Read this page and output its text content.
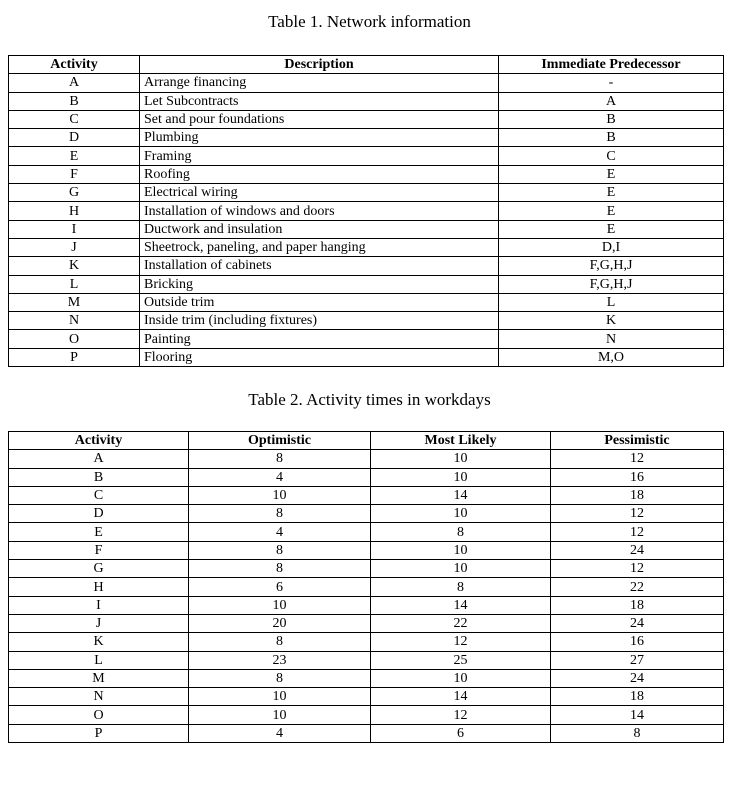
Table 1. Network information
Activity	Description	Immediate Predecessor
A	Arrange financing	-
B	Let Subcontracts	A
C	Set and pour foundations	B
D	Plumbing	B
E	Framing	C
F	Roofing	E
G	Electrical wiring	E
H	Installation of windows and doors	E
I	Ductwork and insulation	E
J	Sheetrock, paneling, and paper hanging	D,I
K	Installation of cabinets	F,G,H,J
L	Bricking	F,G,H,J
M	Outside trim	L
N	Inside trim (including fixtures)	K
O	Painting	N
P	Flooring	M,O
Table 2. Activity times in workdays
Activity	Optimistic	Most Likely	Pessimistic
A	8	10	12
B	4	10	16
C	10	14	18
D	8	10	12
E	4	8	12
F	8	10	24
G	8	10	12
H	6	8	22
I	10	14	18
J	20	22	24
K	8	12	16
L	23	25	27
M	8	10	24
N	10	14	18
O	10	12	14
P	4	6	8
